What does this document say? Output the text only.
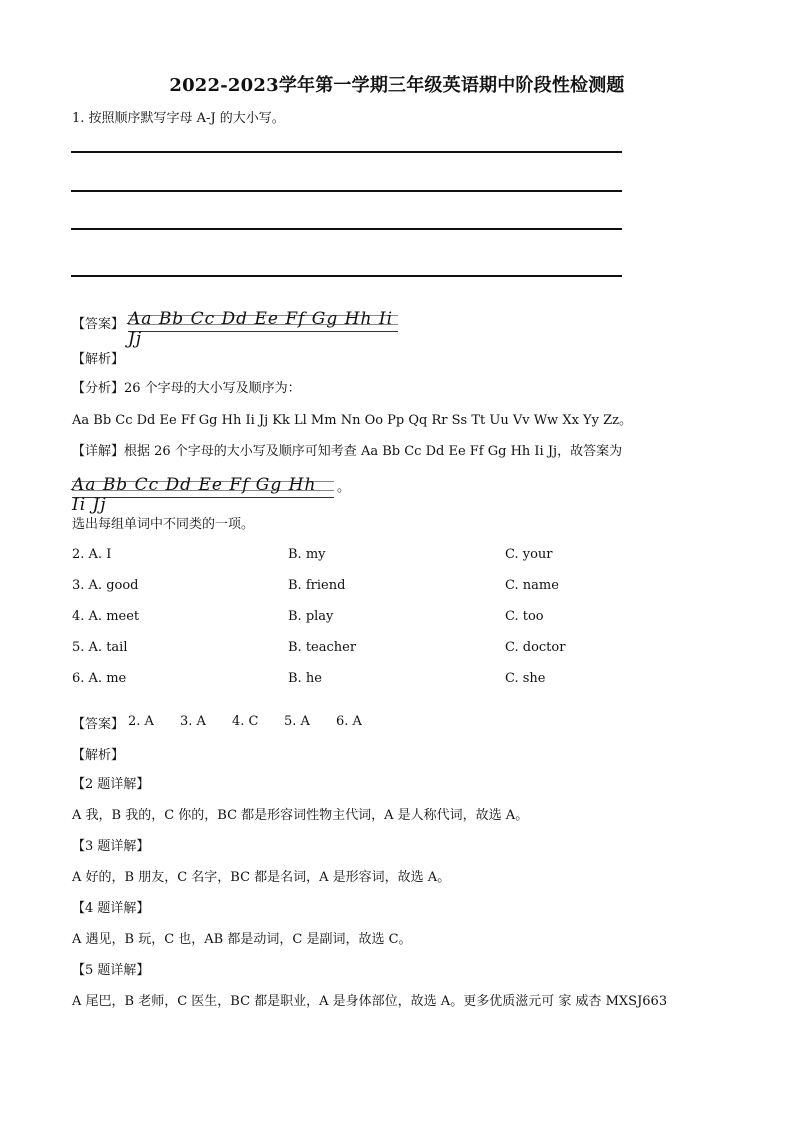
2022-2023学年第一学期三年级英语期中阶段性检测题
1. 按照顺序默写字母 A-J 的大小写。
【答案】 Aa Bb Cc Dd Ee Ff Gg Hh Ii Jj
【解析】
【分析】26 个字母的大小写及顺序为：
Aa Bb Cc Dd Ee Ff Gg Hh Ii Jj Kk Ll Mm Nn Oo Pp Qq Rr Ss Tt Uu Vv Ww Xx Yy Zz。
【详解】根据 26 个字母的大小写及顺序可知考查 Aa Bb Cc Dd Ee Ff Gg Hh Ii Jj，故答案为
Aa Bb Cc Dd Ee Ff Gg Hh Ii Jj
。
选出每组单词中不同类的一项。
2. A. I	B. my	C. your
3. A. good	B. friend	C. name
4. A. meet	B. play	C. too
5. A. tail	B. teacher	C. doctor
6. A. me	B. he	C. she
【答案】 2. A 3. A 4. C 5. A 6. A
【解析】
【2 题详解】
A 我，B 我的，C 你的，BC 都是形容词性物主代词，A 是人称代词，故选 A。
【3 题详解】
A 好的，B 朋友，C 名字，BC 都是名词，A 是形容词，故选 A。
【4 题详解】
A 遇见，B 玩，C 也，AB 都是动词，C 是副词，故选 C。
【5 题详解】
A 尾巴，B 老师，C 医生，BC 都是职业，A 是身体部位，故选 A。更多优质滋元可 家 威杏 MXSJ663
